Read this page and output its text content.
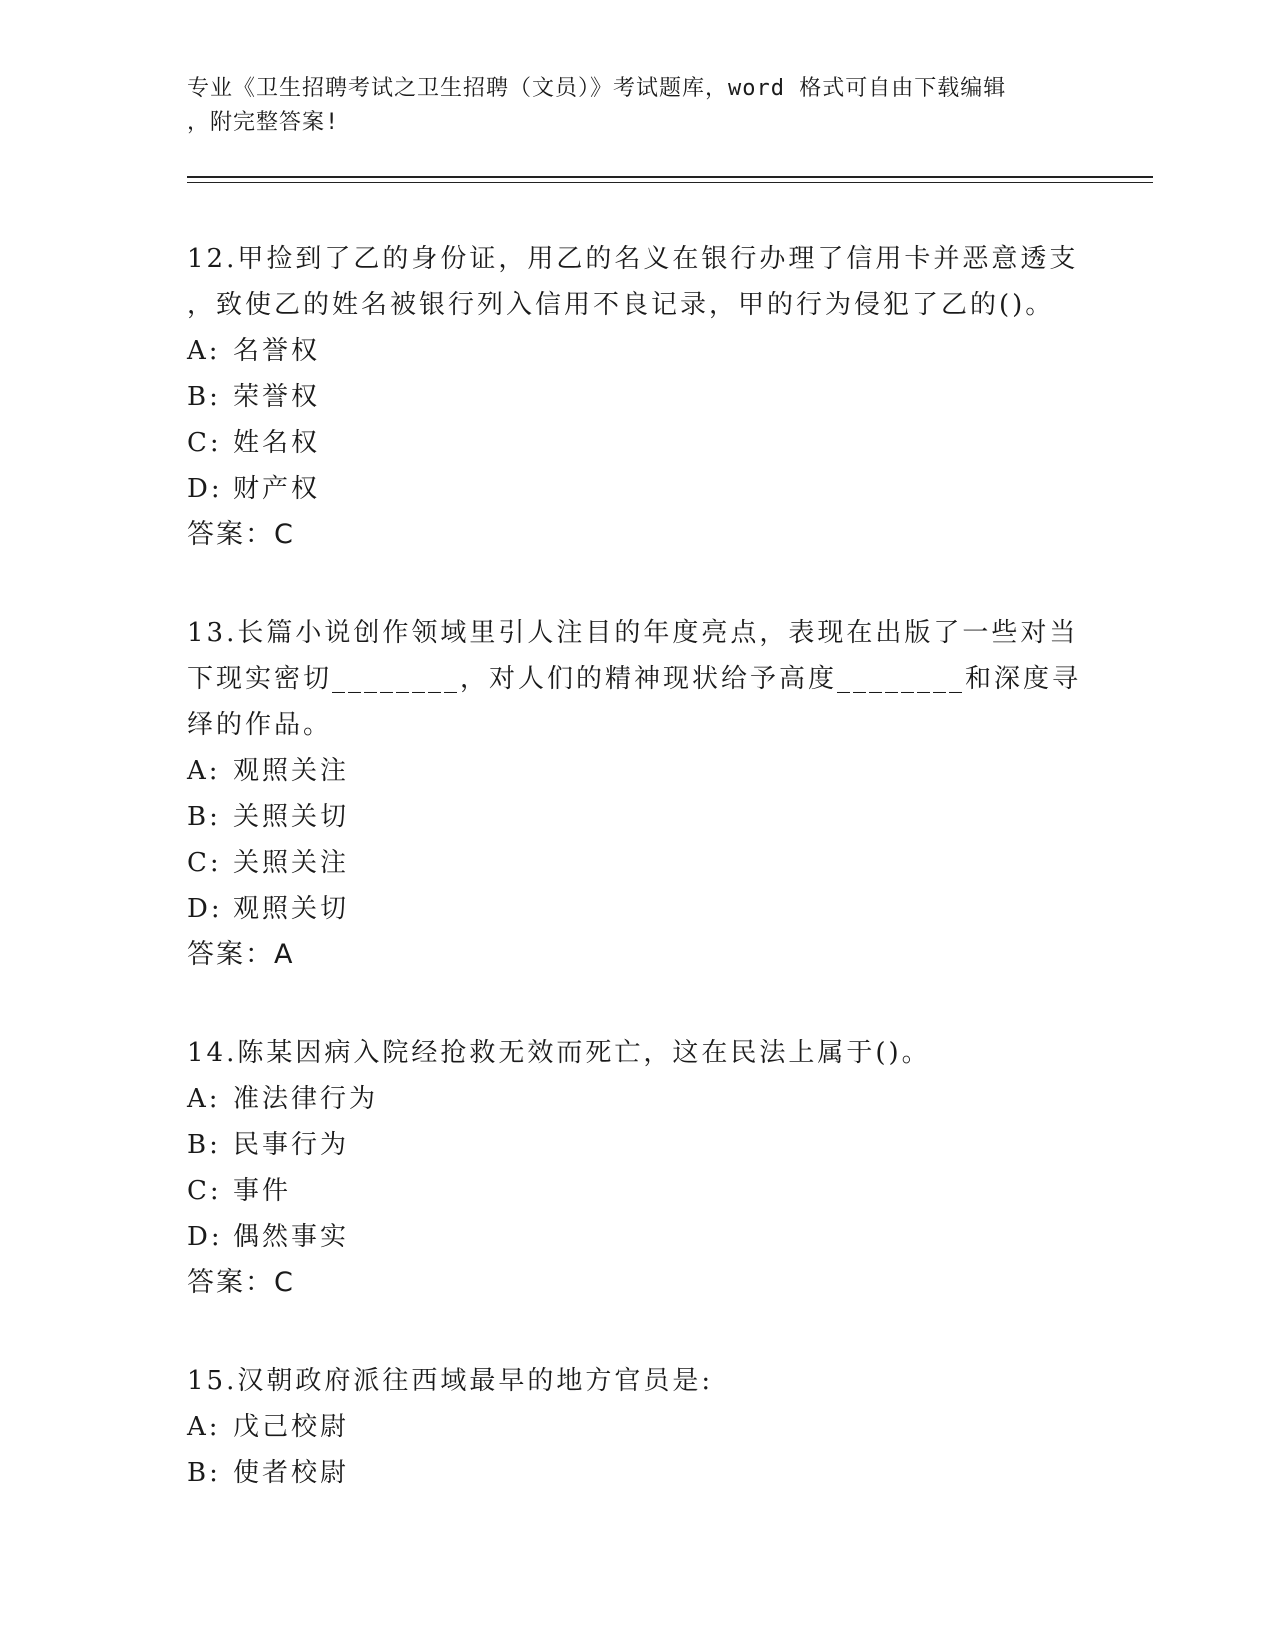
专业《卫生招聘考试之卫生招聘（文员）》考试题库，word 格式可自由下载编辑
，附完整答案!
12.甲捡到了乙的身份证，用乙的名义在银行办理了信用卡并恶意透支
，致使乙的姓名被银行列入信用不良记录，甲的行为侵犯了乙的()。
A: 名誉权
B: 荣誉权
C: 姓名权
D: 财产权
答案：C
13.长篇小说创作领域里引人注目的年度亮点，表现在出版了一些对当
下现实密切________，对人们的精神现状给予高度________和深度寻
绎的作品。
A: 观照关注
B: 关照关切
C: 关照关注
D: 观照关切
答案：A
14.陈某因病入院经抢救无效而死亡，这在民法上属于()。
A: 准法律行为
B: 民事行为
C: 事件
D: 偶然事实
答案：C
15.汉朝政府派往西域最早的地方官员是:
A: 戊己校尉
B: 使者校尉
